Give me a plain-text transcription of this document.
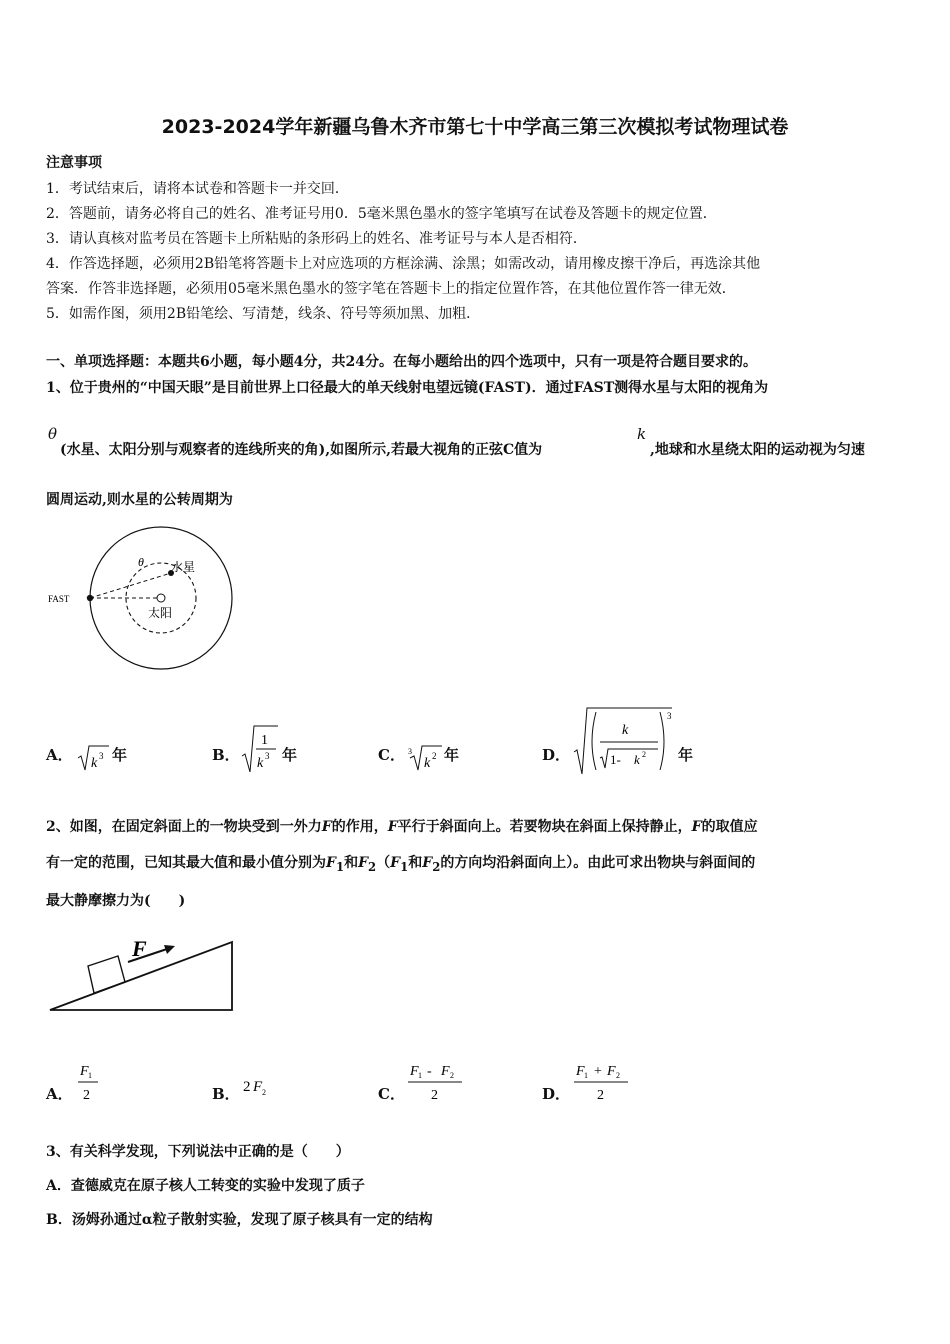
2023-2024学年新疆乌鲁木齐市第七十中学高三第三次模拟考试物理试卷
注意事项
1．考试结束后，请将本试卷和答题卡一并交回．
2．答题前，请务必将自己的姓名、准考证号用0．5毫米黑色墨水的签字笔填写在试卷及答题卡的规定位置．
3．请认真核对监考员在答题卡上所粘贴的条形码上的姓名、准考证号与本人是否相符．
4．作答选择题，必须用2B铅笔将答题卡上对应选项的方框涂满、涂黑；如需改动，请用橡皮擦干净后，再选涂其他
答案．作答非选择题，必须用05毫米黑色墨水的签字笔在答题卡上的指定位置作答，在其他位置作答一律无效．
5．如需作图，须用2B铅笔绘、写清楚，线条、符号等须加黑、加粗．
一、单项选择题：本题共6小题，每小题4分，共24分。在每小题给出的四个选项中，只有一项是符合题目要求的。
1、位于贵州的“中国天眼”是目前世界上口径最大的单天线射电望远镜(FAST)．通过FAST测得水星与太阳的视角为
θ
(水星、太阳分别与观察者的连线所夹的角),如图所示,若最大视角的正弦C值为
k
,地球和水星绕太阳的运动视为匀速
圆周运动,则水星的公转周期为
FAST
水星
太阳
θ
A． k 3 年	B．
1
k 3 年	C． 3
k 2 年	D．
3
k
1- k 2 年
2、如图，在固定斜面上的一物块受到一外力F的作用，F平行于斜面向上。若要物块在斜面上保持静止，F的取值应
有一定的范围，已知其最大值和最小值分别为$F_1$和$F_2(F_1$和$F_2$的方向均沿斜面向上）。由此可求出物块与斜面间的
最大静摩擦力为(　　)
F
A．
F 1
2	B． 2 F 2	C．
F 1 - F 2
2	D．
F 1 + F 2
2
3、有关科学发现，下列说法中正确的是（　　）
A．查德威克在原子核人工转变的实验中发现了质子
B．汤姆孙通过α粒子散射实验，发现了原子核具有一定的结构
